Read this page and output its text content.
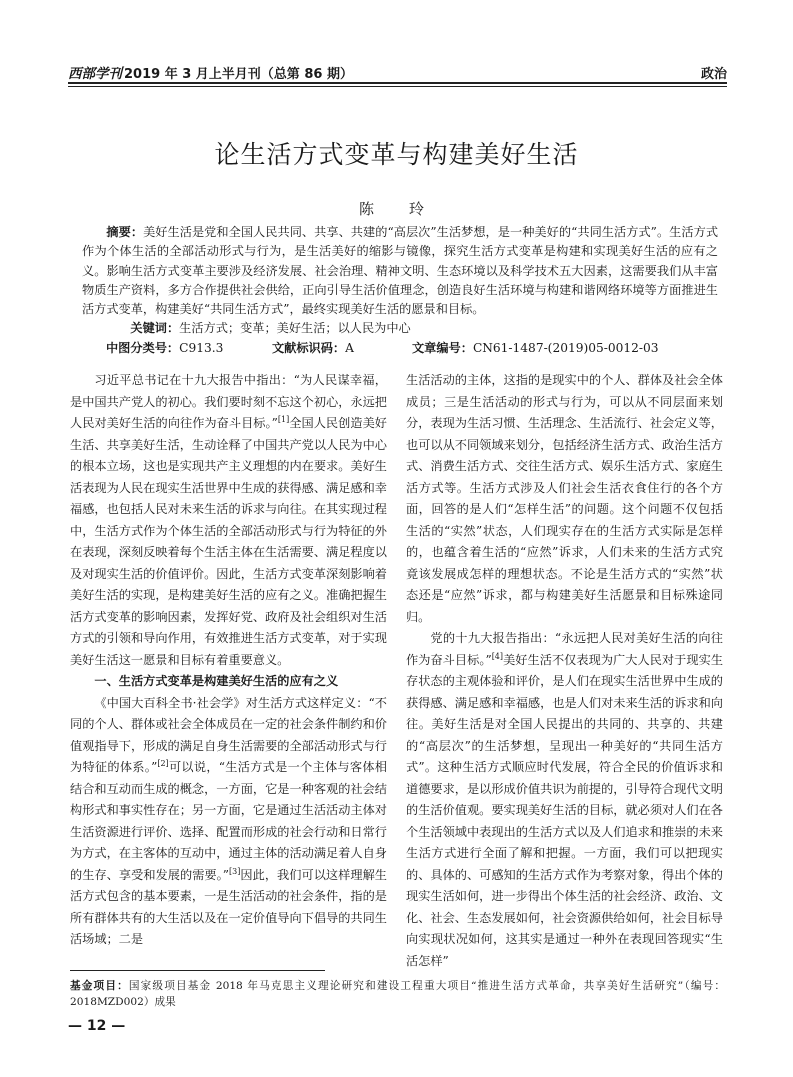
西部学刊 2019 年 3 月上半月刊（总第 86 期）	政治
论生活方式变革与构建美好生活
陈　玲

摘要：美好生活是党和全国人民共同、共享、共建的“高层次”生活梦想，是一种美好的“共同生活方式”。生活方式作为个体生活的全部活动形式与行为，是生活美好的缩影与镜像，探究生活方式变革是构建和实现美好生活的应有之义。影响生活方式变革主要涉及经济发展、社会治理、精神文明、生态环境以及科学技术五大因素，这需要我们从丰富物质生产资料，多方合作提供社会供给，正向引导生活价值理念，创造良好生活环境与构建和谐网络环境等方面推进生活方式变革，构建美好“共同生活方式”，最终实现美好生活的愿景和目标。

关键词：生活方式；变革；美好生活；以人民为中心

中图分类号：C913.3	文献标识码：A	文章编号：CN61-1487-(2019)05-0012-03

习近平总书记在十九大报告中指出：“为人民谋幸福，是中国共产党人的初心。我们要时刻不忘这个初心，永远把人民对美好生活的向往作为奋斗目标。”[1]全国人民创造美好生活、共享美好生活，生动诠释了中国共产党以人民为中心的根本立场，这也是实现共产主义理想的内在要求。美好生活表现为人民在现实生活世界中生成的获得感、满足感和幸福感，也包括人民对未来生活的诉求与向往。在其实现过程中，生活方式作为个体生活的全部活动形式与行为特征的外在表现，深刻反映着每个生活主体在生活需要、满足程度以及对现实生活的价值评价。因此，生活方式变革深刻影响着美好生活的实现，是构建美好生活的应有之义。准确把握生活方式变革的影响因素，发挥好党、政府及社会组织对生活方式的引领和导向作用，有效推进生活方式变革，对于实现美好生活这一愿景和目标有着重要意义。

一、生活方式变革是构建美好生活的应有之义

《中国大百科全书·社会学》对生活方式这样定义：“不同的个人、群体或社会全体成员在一定的社会条件制约和价值观指导下，形成的满足自身生活需要的全部活动形式与行为特征的体系。”[2]可以说，“生活方式是一个主体与客体相结合和互动而生成的概念，一方面，它是一种客观的社会结构形式和事实性存在；另一方面，它是通过生活活动主体对生活资源进行评价、选择、配置而形成的社会行动和日常行为方式，在主客体的互动中，通过主体的活动满足着人自身的生存、享受和发展的需要。”[3]因此，我们可以这样理解生活方式包含的基本要素，一是生活活动的社会条件，指的是所有群体共有的大生活以及在一定价值导向下倡导的共同生活场域；二是

生活活动的主体，这指的是现实中的个人、群体及社会全体成员；三是生活活动的形式与行为，可以从不同层面来划分，表现为生活习惯、生活理念、生活流行、社会定义等，也可以从不同领域来划分，包括经济生活方式、政治生活方式、消费生活方式、交往生活方式、娱乐生活方式、家庭生活方式等。生活方式涉及人们社会生活衣食住行的各个方面，回答的是人们“怎样生活”的问题。这个问题不仅包括生活的“实然”状态，人们现实存在的生活方式实际是怎样的，也蕴含着生活的“应然”诉求，人们未来的生活方式究竟该发展成怎样的理想状态。不论是生活方式的“实然”状态还是“应然”诉求，都与构建美好生活愿景和目标殊途同归。

党的十九大报告指出：“永远把人民对美好生活的向往作为奋斗目标。”[4]美好生活不仅表现为广大人民对于现实生存状态的主观体验和评价，是人们在现实生活世界中生成的获得感、满足感和幸福感，也是人们对未来生活的诉求和向往。美好生活是对全国人民提出的共同的、共享的、共建的“高层次”的生活梦想，呈现出一种美好的“共同生活方式”。这种生活方式顺应时代发展，符合全民的价值诉求和道德要求，是以形成价值共识为前提的，引导符合现代文明的生活价值观。要实现美好生活的目标，就必须对人们在各个生活领域中表现出的生活方式以及人们追求和推崇的未来生活方式进行全面了解和把握。一方面，我们可以把现实的、具体的、可感知的生活方式作为考察对象，得出个体的现实生活如何，进一步得出个体生活的社会经济、政治、文化、社会、生态发展如何，社会资源供给如何，社会目标导向实现状况如何，这其实是通过一种外在表现回答现实“生活怎样”

基金项目：国家级项目基金 2018 年马克思主义理论研究和建设工程重大项目“推进生活方式革命，共享美好生活研究”（编号：2018MZD002）成果
— 12 —
